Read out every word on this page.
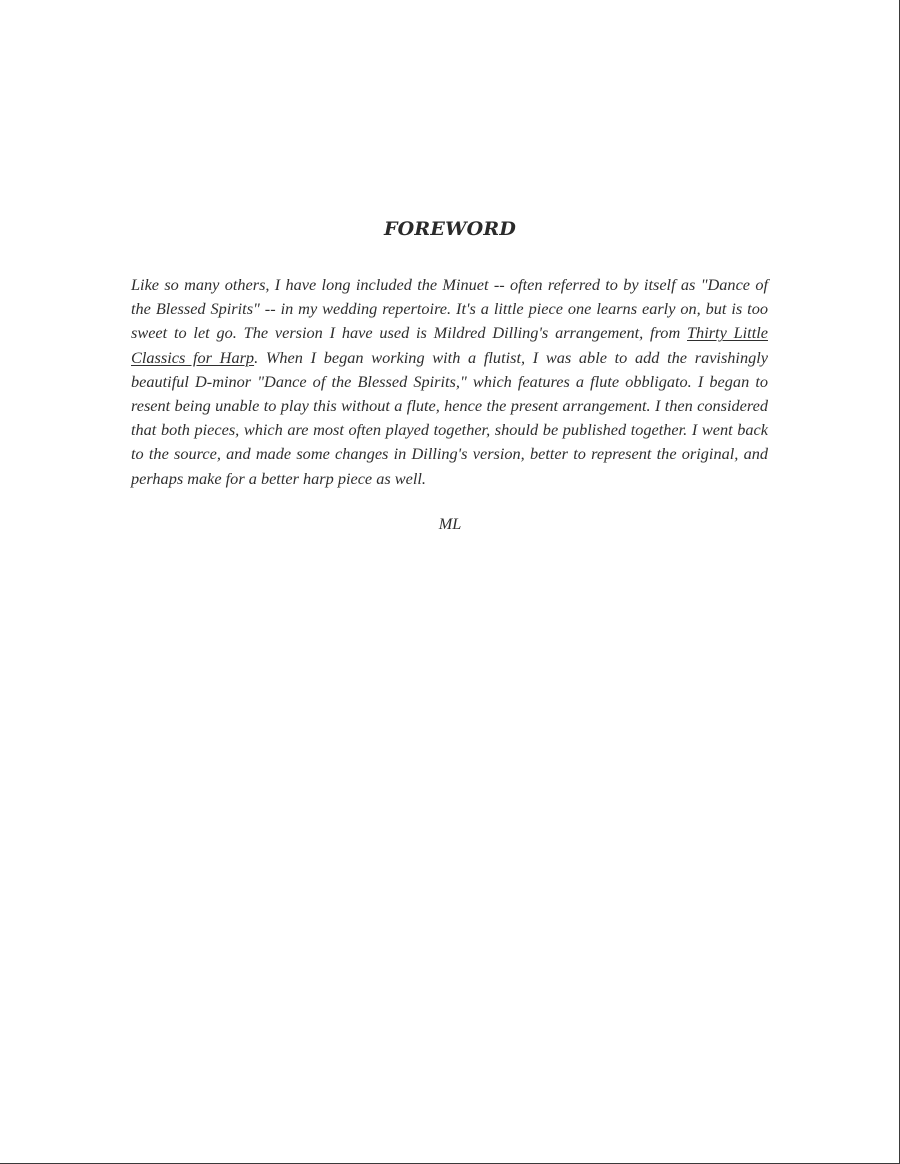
FOREWORD

Like so many others, I have long included the Minuet -- often referred to by itself as "Dance of the Blessed Spirits" -- in my wedding repertoire. It's a little piece one learns early on, but is too sweet to let go. The version I have used is Mildred Dilling's arrangement, from Thirty Little Classics for Harp. When I began working with a flutist, I was able to add the ravishingly beautiful D-minor "Dance of the Blessed Spirits," which features a flute obbligato. I began to resent being unable to play this without a flute, hence the present arrangement. I then considered that both pieces, which are most often played together, should be published together. I went back to the source, and made some changes in Dilling's version, better to represent the original, and perhaps make for a better harp piece as well.

ML
